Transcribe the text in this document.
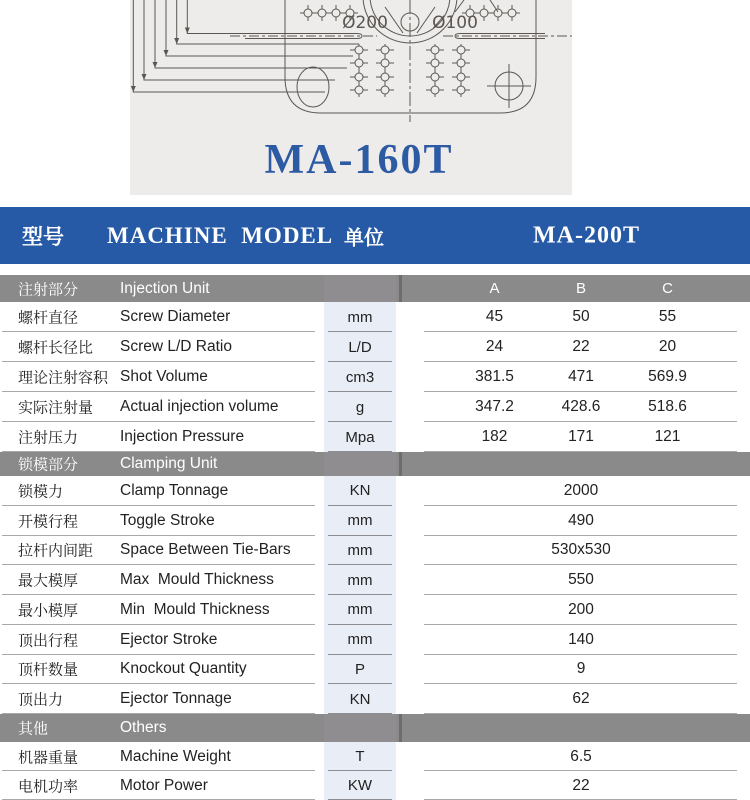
Ø200	Ø100
MA-160T
型号 MACHINE  MODEL 单位	MA-200T
注射部分	Injection Unit	A	B	C
螺杆直径	Screw Diameter	mm	45	50	55
螺杆长径比 Screw L/D Ratio	L/D	24	22	20
理论注射容积 Shot Volume	cm3	381.5	471	569.9
实际注射量 Actual injection volume	g	347.2	428.6	518.6
注射压力	Injection Pressure	Mpa	182	171	121
锁模部分	Clamping Unit
锁模力	Clamp Tonnage	KN	2000
开模行程	Toggle Stroke	mm	490
拉杆内间距 Space Between Tie-Bars	mm	530x530
最大模厚	Max  Mould Thickness	mm	550
最小模厚	Min  Mould Thickness	mm	200
顶出行程	Ejector Stroke	mm	140
顶杆数量	Knockout Quantity	P	9
顶出力	Ejector Tonnage	KN	62
其他	Others
机器重量	Machine Weight	T	6.5
电机功率	Motor Power	KW	22
